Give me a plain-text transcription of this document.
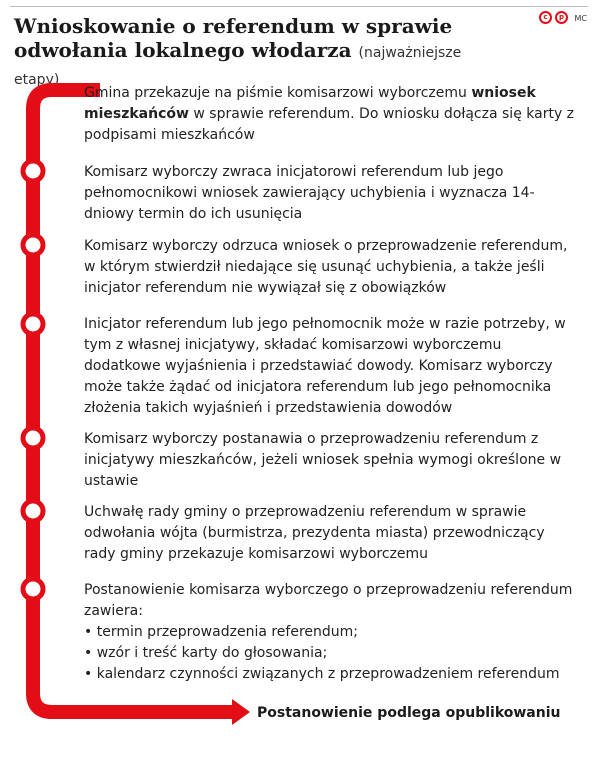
Wnioskowanie o referendum w sprawie odwołania lokalnego włodarza (najważniejsze etapy)
c	p	MC

Gmina przekazuje na piśmie komisarzowi wyborczemu wniosek mieszkańców w sprawie referendum. Do wniosku dołącza się karty z podpisami mieszkańców

Komisarz wyborczy zwraca inicjatorowi referendum lub jego pełnomocnikowi wniosek zawierający uchybienia i wyznacza 14-dniowy termin do ich usunięcia

Komisarz wyborczy odrzuca wniosek o przeprowadzenie referendum, w którym stwierdził niedające się usunąć uchybienia, a także jeśli inicjator referendum nie wywiązał się z obowiązków

Inicjator referendum lub jego pełnomocnik może w razie potrzeby, w tym z własnej inicjatywy, składać komisarzowi wyborczemu dodatkowe wyjaśnienia i przedstawiać dowody. Komisarz wyborczy może także żądać od inicjatora referendum lub jego pełnomocnika złożenia takich wyjaśnień i przedstawienia dowodów

Komisarz wyborczy postanawia o przeprowadzeniu referendum z inicjatywy mieszkańców, jeżeli wniosek spełnia wymogi określone w ustawie

Uchwałę rady gminy o przeprowadzeniu referendum w sprawie odwołania wójta (burmistrza, prezydenta miasta) przewodniczący rady gminy przekazuje komisarzowi wyborczemu

Postanowienie komisarza wyborczego o przeprowadzeniu referendum zawiera:

• termin przeprowadzenia referendum;
• wzór i treść karty do głosowania;
• kalendarz czynności związanych z przeprowadzeniem referendum
Postanowienie podlega opublikowaniu
